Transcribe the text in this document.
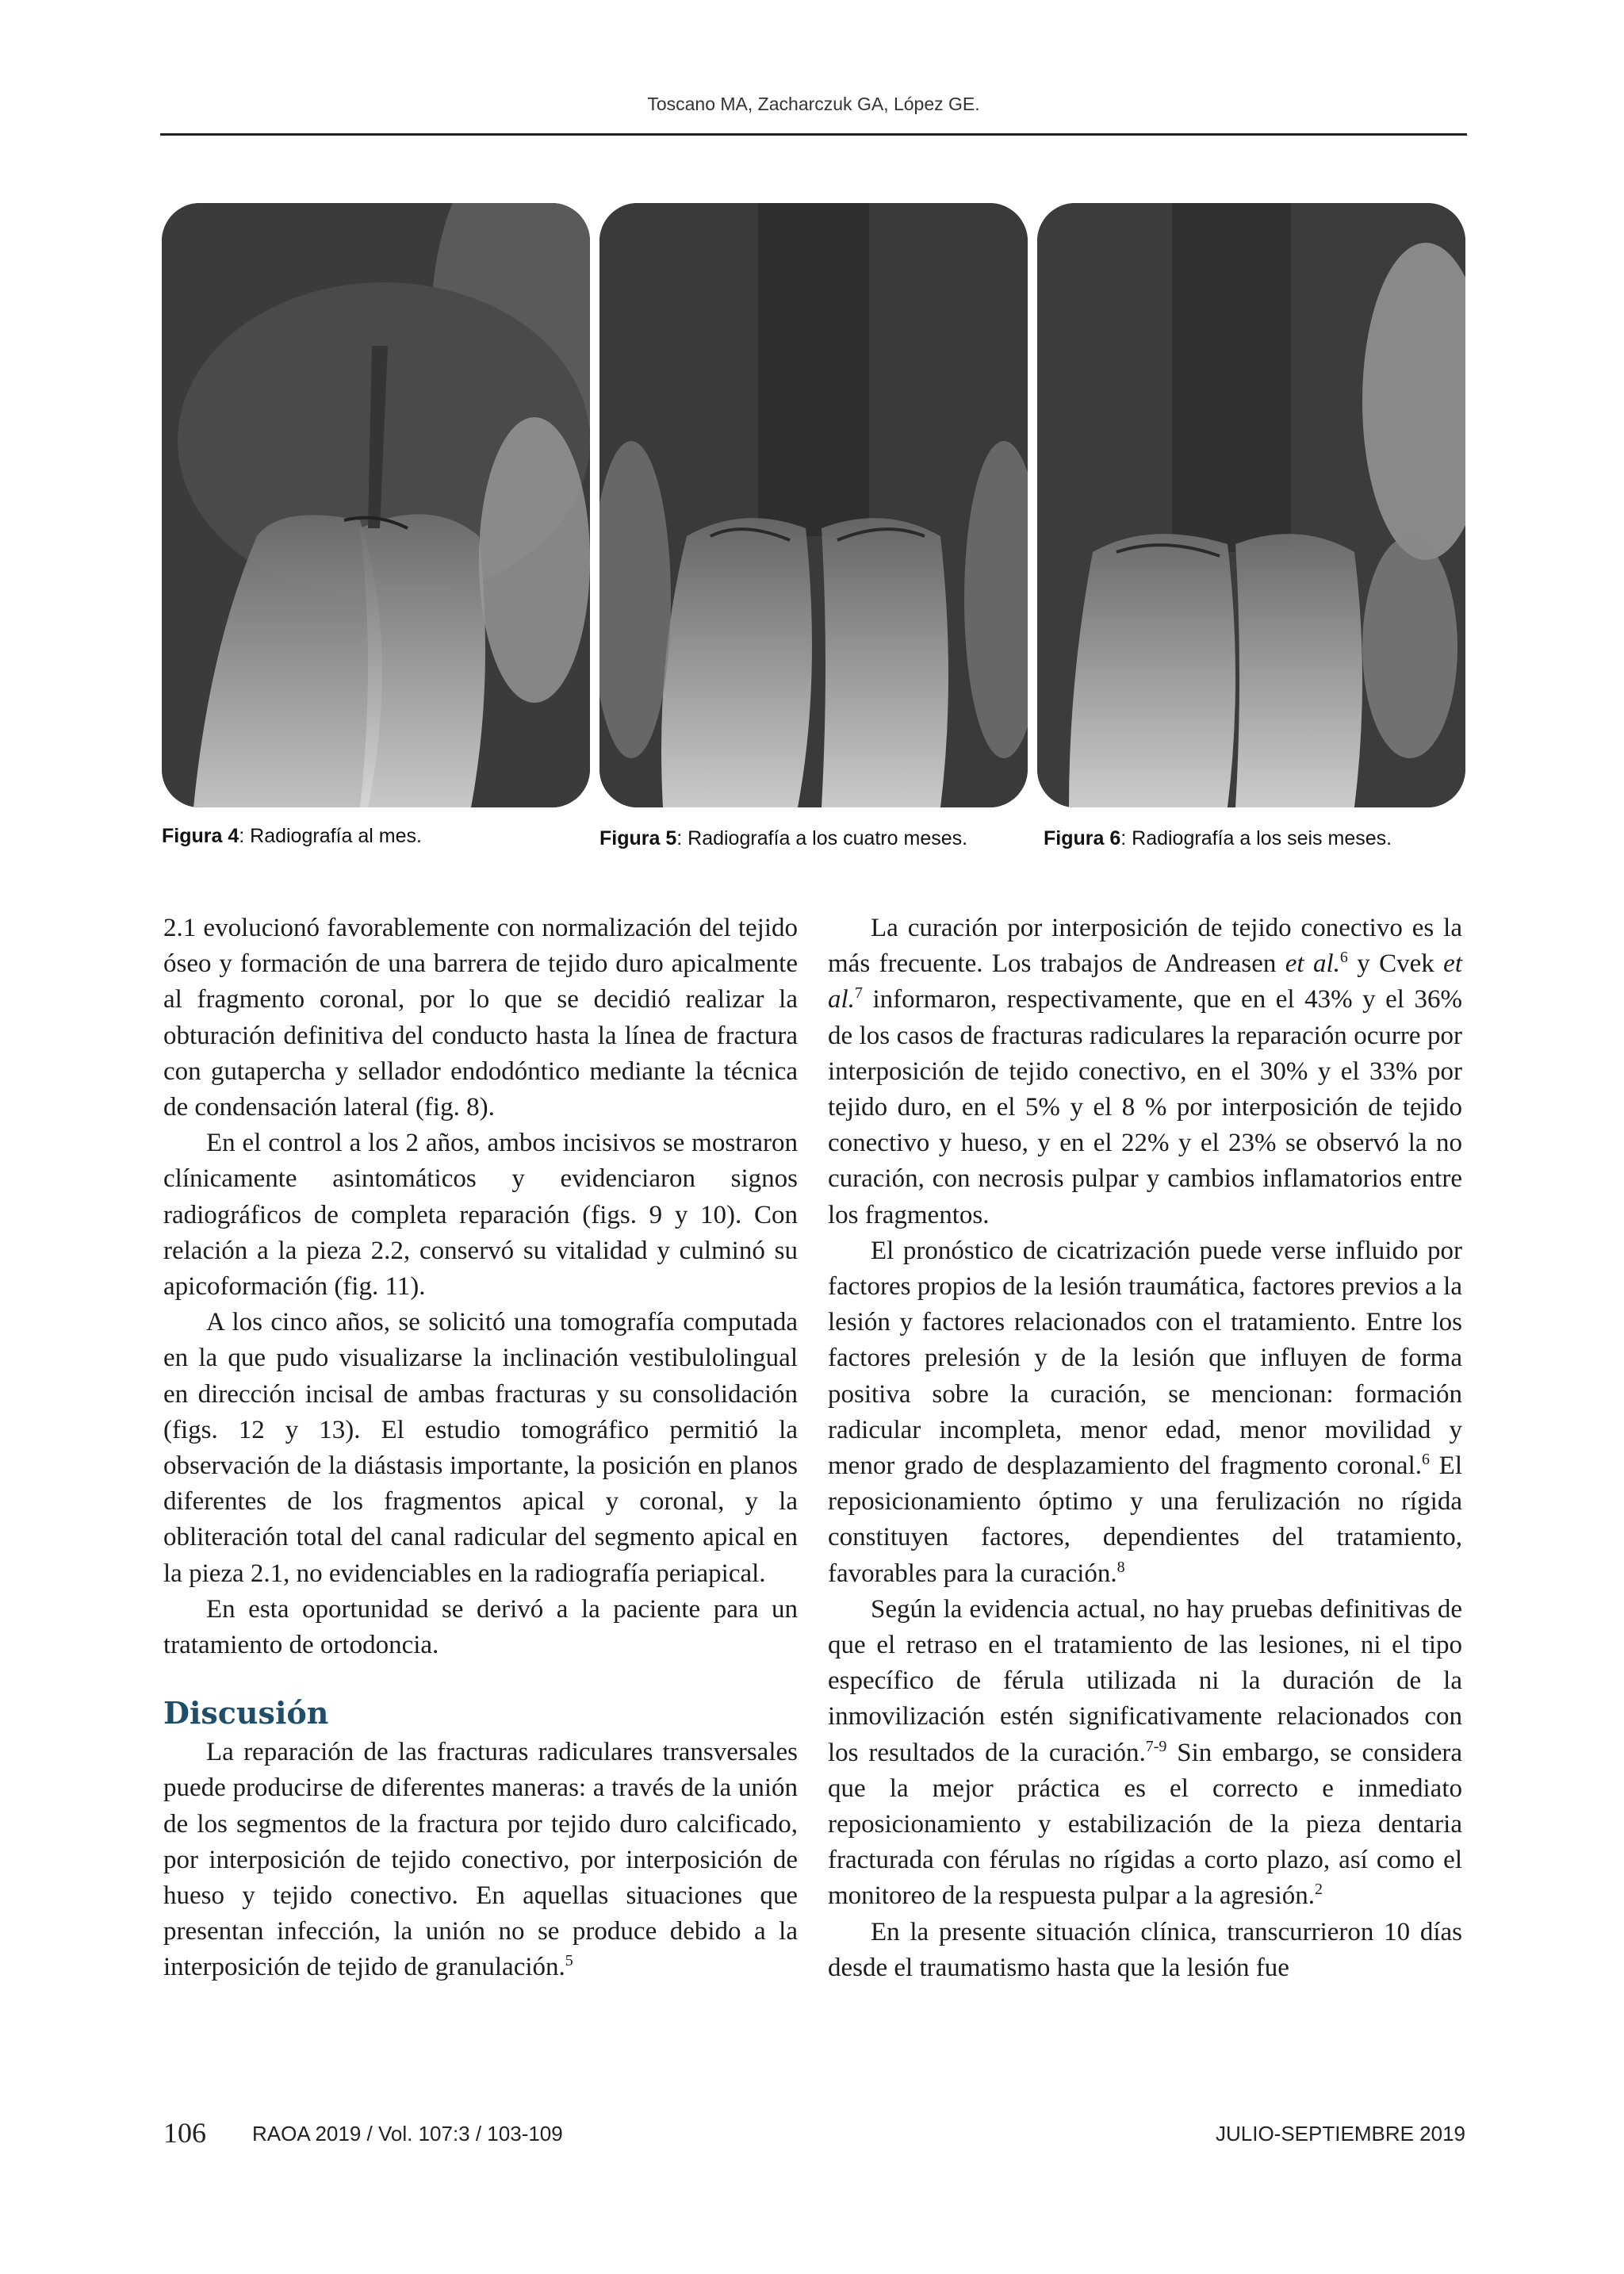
Toscano MA, Zacharczuk GA, López GE.
Figura 4: Radiografía al mes.	Figura 5: Radiografía a los cuatro meses.	Figura 6: Radiografía a los seis meses.

2.1 evolucionó favorablemente con normalización del tejido óseo y formación de una barrera de tejido duro apicalmente al fragmento coronal, por lo que se decidió realizar la obturación definitiva del conducto hasta la línea de fractura con gutapercha y sellador endodóntico mediante la técnica de condensación lateral (fig. 8).

En el control a los 2 años, ambos incisivos se mostraron clínicamente asintomáticos y evidenciaron signos radiográficos de completa reparación (figs. 9 y 10). Con relación a la pieza 2.2, conservó su vitalidad y culminó su apicoformación (fig. 11).

A los cinco años, se solicitó una tomografía computada en la que pudo visualizarse la inclinación vestibulolingual en dirección incisal de ambas fracturas y su consolidación (figs. 12 y 13). El estudio tomográfico permitió la observación de la diástasis importante, la posición en planos diferentes de los fragmentos apical y coronal, y la obliteración total del canal radicular del segmento apical en la pieza 2.1, no evidenciables en la radiografía periapical.

En esta oportunidad se derivó a la paciente para un tratamiento de ortodoncia.

Discusión

La reparación de las fracturas radiculares transversales puede producirse de diferentes maneras: a través de la unión de los segmentos de la fractura por tejido duro calcificado, por interposición de tejido conectivo, por interposición de hueso y tejido conectivo. En aquellas situaciones que presentan infección, la unión no se produce debido a la interposición de tejido de granulación.$^5$

La curación por interposición de tejido conectivo es la más frecuente. Los trabajos de Andreasen et al.$^6$ y Cvek et al.$^7$ informaron, respectivamente, que en el 43% y el 36% de los casos de fracturas radiculares la reparación ocurre por interposición de tejido conectivo, en el 30% y el 33% por tejido duro, en el 5% y el 8 % por interposición de tejido conectivo y hueso, y en el 22% y el 23% se observó la no curación, con necrosis pulpar y cambios inflamatorios entre los fragmentos.

El pronóstico de cicatrización puede verse influido por factores propios de la lesión traumática, factores previos a la lesión y factores relacionados con el tratamiento. Entre los factores prelesión y de la lesión que influyen de forma positiva sobre la curación, se mencionan: formación radicular incompleta, menor edad, menor movilidad y menor grado de desplazamiento del fragmento coronal.$^6$ El reposicionamiento óptimo y una ferulización no rígida constituyen factores, dependientes del tratamiento, favorables para la curación.$^8$

Según la evidencia actual, no hay pruebas definitivas de que el retraso en el tratamiento de las lesiones, ni el tipo específico de férula utilizada ni la duración de la inmovilización estén significativamente relacionados con los resultados de la curación.$^{7-9}$ Sin embargo, se considera que la mejor práctica es el correcto e inmediato reposicionamiento y estabilización de la pieza dentaria fracturada con férulas no rígidas a corto plazo, así como el monitoreo de la respuesta pulpar a la agresión.$^2$

En la presente situación clínica, transcurrieron 10 días desde el traumatismo hasta que la lesión fue

106 RAOA 2019 / Vol. 107:3 / 103-109	JULIO-SEPTIEMBRE 2019
